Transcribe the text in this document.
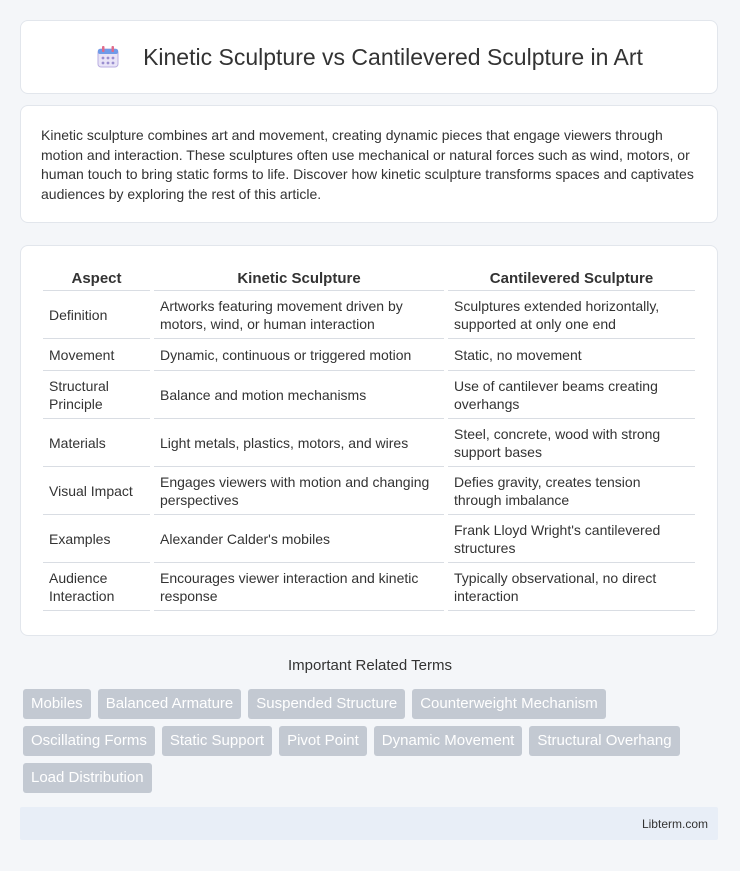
Kinetic Sculpture vs Cantilevered Sculpture in Art

Kinetic sculpture combines art and movement, creating dynamic pieces that engage viewers through motion and interaction. These sculptures often use mechanical or natural forces such as wind, motors, or human touch to bring static forms to life. Discover how kinetic sculpture transforms spaces and captivates audiences by exploring the rest of this article.

Aspect		Kinetic Sculpture		Cantilevered Sculpture
Definition		Artworks featuring movement driven by motors, wind, or human interaction		Sculptures extended horizontally, supported at only one end
Movement		Dynamic, continuous or triggered motion		Static, no movement
Structural Principle		Balance and motion mechanisms		Use of cantilever beams creating overhangs
Materials		Light metals, plastics, motors, and wires		Steel, concrete, wood with strong support bases
Visual Impact		Engages viewers with motion and changing perspectives		Defies gravity, creates tension through imbalance
Examples		Alexander Calder's mobiles		Frank Lloyd Wright's cantilevered structures
Audience Interaction		Encourages viewer interaction and kinetic response		Typically observational, no direct interaction
Important Related Terms
Mobiles	Balanced Armature	Suspended Structure	Counterweight Mechanism
Oscillating Forms	Static Support	Pivot Point	Dynamic Movement	Structural Overhang
Load Distribution
Libterm.com
